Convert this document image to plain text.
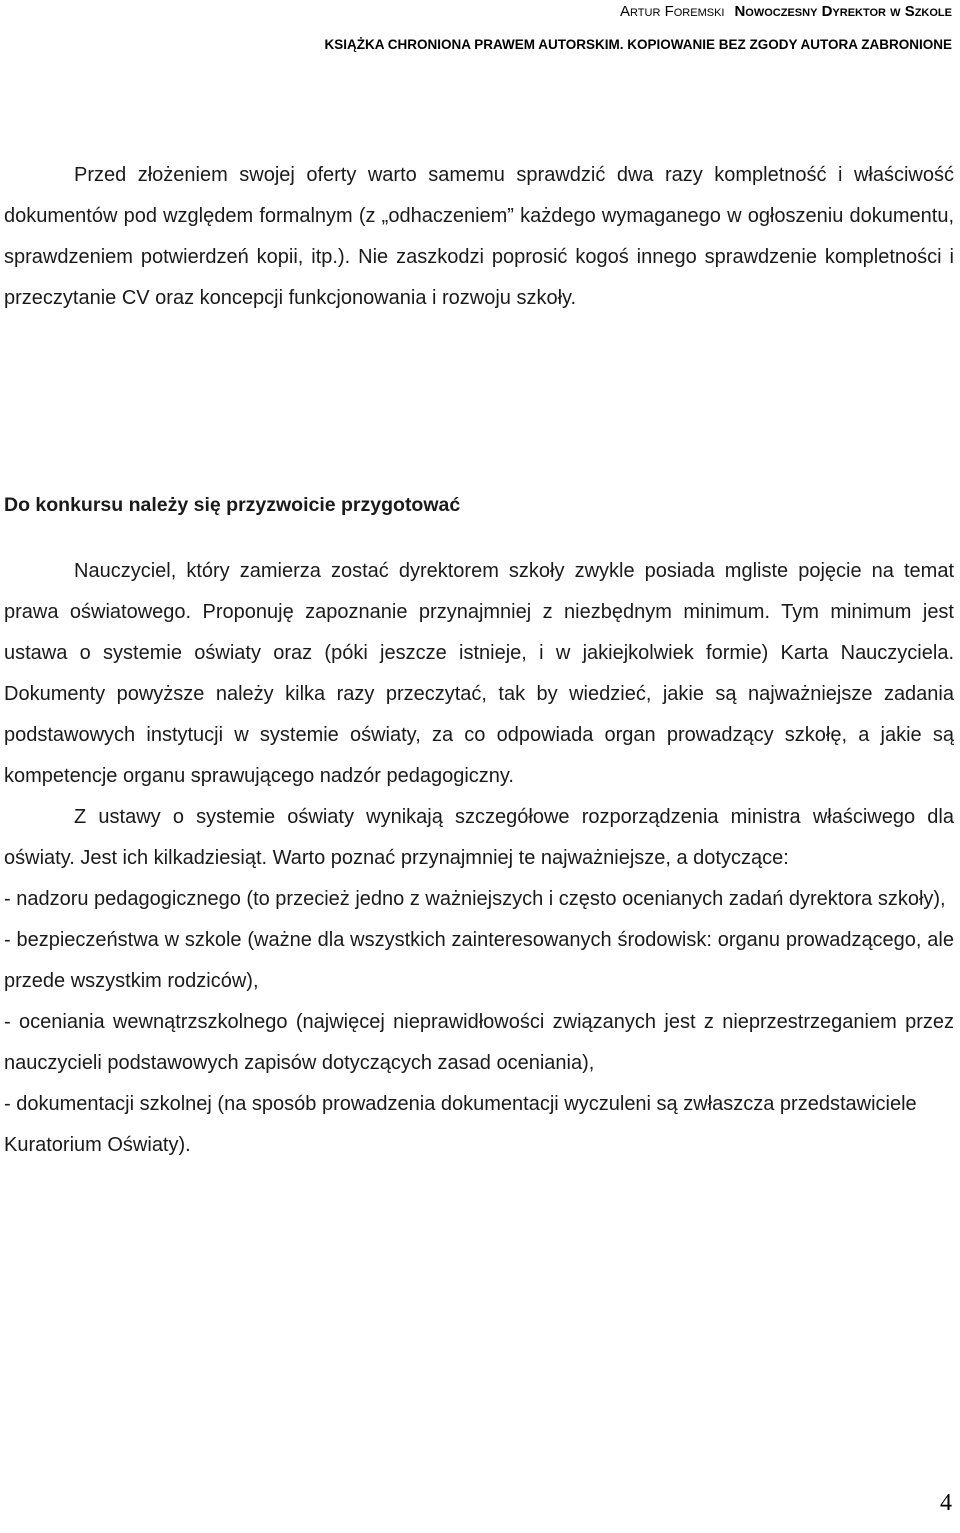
Artur Foremski Nowoczesny Dyrektor w Szkole
KSIĄŻKA CHRONIONA PRAWEM AUTORSKIM. KOPIOWANIE BEZ ZGODY AUTORA ZABRONIONE

Przed złożeniem swojej oferty warto samemu sprawdzić dwa razy kompletność i właściwość dokumentów pod względem formalnym (z „odhaczeniem” każdego wymaganego w ogłoszeniu dokumentu, sprawdzeniem potwierdzeń kopii, itp.). Nie zaszkodzi poprosić kogoś innego sprawdzenie kompletności i przeczytanie CV oraz koncepcji funkcjonowania i rozwoju szkoły.

Do konkursu należy się przyzwoicie przygotować

Nauczyciel, który zamierza zostać dyrektorem szkoły zwykle posiada mgliste pojęcie na temat prawa oświatowego. Proponuję zapoznanie przynajmniej z niezbędnym minimum. Tym minimum jest ustawa o systemie oświaty oraz (póki jeszcze istnieje, i w jakiejkolwiek formie) Karta Nauczyciela. Dokumenty powyższe należy kilka razy przeczytać, tak by wiedzieć, jakie są najważniejsze zadania podstawowych instytucji w systemie oświaty, za co odpowiada organ prowadzący szkołę, a jakie są kompetencje organu sprawującego nadzór pedagogiczny.

Z ustawy o systemie oświaty wynikają szczegółowe rozporządzenia ministra właściwego dla oświaty. Jest ich kilkadziesiąt. Warto poznać przynajmniej te najważniejsze, a dotyczące:

- nadzoru pedagogicznego (to przecież jedno z ważniejszych i często ocenianych zadań dyrektora szkoły),

- bezpieczeństwa w szkole (ważne dla wszystkich zainteresowanych środowisk: organu prowadzącego, ale przede wszystkim rodziców),

- oceniania wewnątrzszkolnego (najwięcej nieprawidłowości związanych jest z nieprzestrzeganiem przez nauczycieli podstawowych zapisów dotyczących zasad oceniania),

- dokumentacji szkolnej (na sposób prowadzenia dokumentacji wyczuleni są zwłaszcza przedstawiciele Kuratorium Oświaty).

4
